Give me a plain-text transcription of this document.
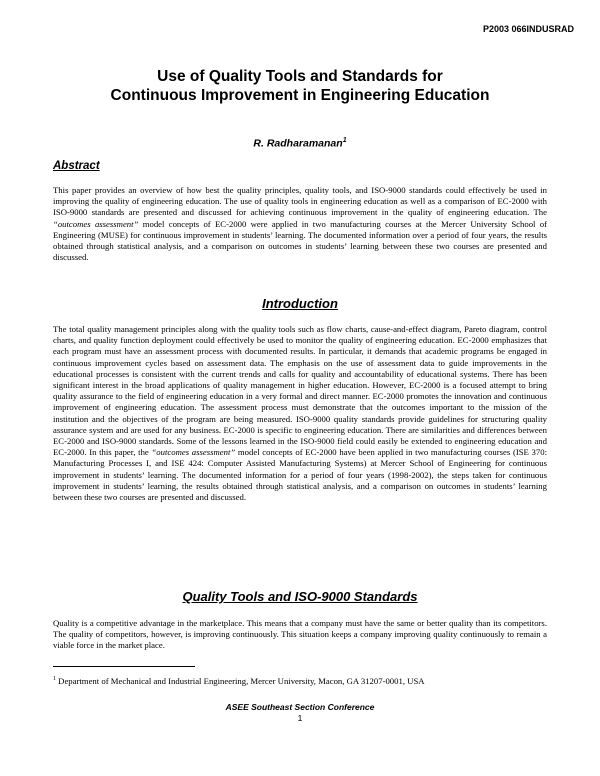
P2003 066INDUSRAD
Use of Quality Tools and Standards for
Continuous Improvement in Engineering Education
R. Radharamanan$^1$
Abstract

This paper provides an overview of how best the quality principles, quality tools, and ISO-9000 standards could effectively be used in improving the quality of engineering education. The use of quality tools in engineering education as well as a comparison of EC-2000 with ISO-9000 standards are presented and discussed for achieving continuous improvement in the quality of engineering education. The “outcomes assessment” model concepts of EC-2000 were applied in two manufacturing courses at the Mercer University School of Engineering (MUSE) for continuous improvement in students’ learning. The documented information over a period of four years, the results obtained through statistical analysis, and a comparison on outcomes in students’ learning between these two courses are presented and discussed.

Introduction

The total quality management principles along with the quality tools such as flow charts, cause-and-effect diagram, Pareto diagram, control charts, and quality function deployment could effectively be used to monitor the quality of engineering education. EC-2000 emphasizes that each program must have an assessment process with documented results. In particular, it demands that academic programs be engaged in continuous improvement cycles based on assessment data. The emphasis on the use of assessment data to guide improvements in the educational processes is consistent with the current trends and calls for quality and accountability of educational systems. There has been significant interest in the broad applications of quality management in higher education. However, EC-2000 is a focused attempt to bring quality assurance to the field of engineering education in a very formal and direct manner. EC-2000 promotes the innovation and continuous improvement of engineering education. The assessment process must demonstrate that the outcomes important to the mission of the institution and the objectives of the program are being measured. ISO-9000 quality standards provide guidelines for structuring quality assurance system and are used for any business. EC-2000 is specific to engineering education. There are similarities and differences between EC-2000 and ISO-9000 standards. Some of the lessons learned in the ISO-9000 field could easily be extended to engineering education and EC-2000. In this paper, the “outcomes assessment” model concepts of EC-2000 have been applied in two manufacturing courses (ISE 370: Manufacturing Processes I, and ISE 424: Computer Assisted Manufacturing Systems) at Mercer School of Engineering for continuous improvement in students’ learning. The documented information for a period of four years (1998-2002), the steps taken for continuous improvement in students’ learning, the results obtained through statistical analysis, and a comparison on outcomes in students’ learning between these two courses are presented and discussed.

Quality Tools and ISO-9000 Standards

Quality is a competitive advantage in the marketplace. This means that a company must have the same or better quality than its competitors. The quality of competitors, however, is improving continuously. This situation keeps a company improving quality continuously to remain a viable force in the market place.

$^1$ Department of Mechanical and Industrial Engineering, Mercer University, Macon, GA 31207-0001, USA
ASEE Southeast Section Conference
1
